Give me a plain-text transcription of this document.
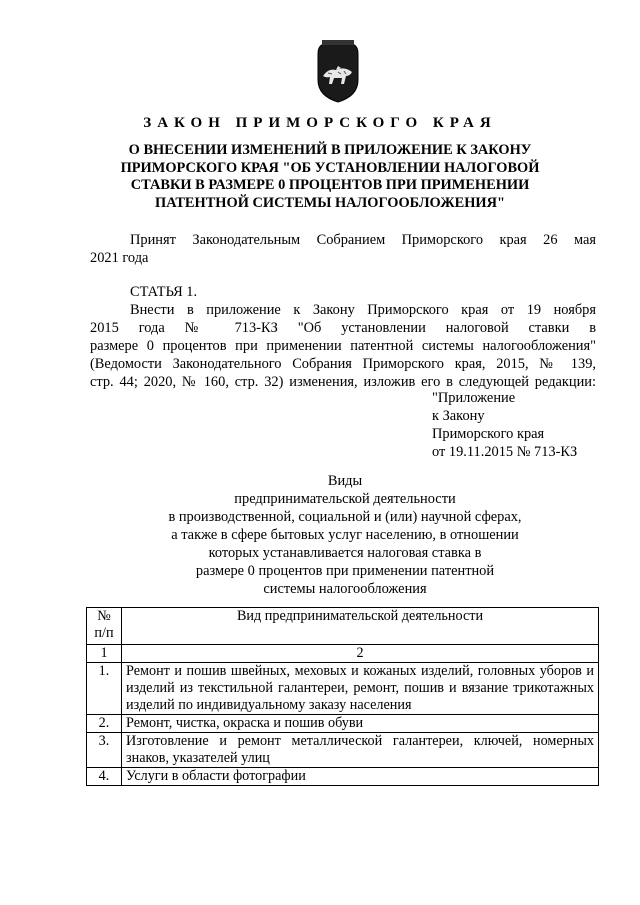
ЗАКОН ПРИМОРСКОГО КРАЯ
О ВНЕСЕНИИ ИЗМЕНЕНИЙ В ПРИЛОЖЕНИЕ К ЗАКОНУ
ПРИМОРСКОГО КРАЯ "ОБ УСТАНОВЛЕНИИ НАЛОГОВОЙ
СТАВКИ В РАЗМЕРЕ 0 ПРОЦЕНТОВ ПРИ ПРИМЕНЕНИИ
ПАТЕНТНОЙ СИСТЕМЫ НАЛОГООБЛОЖЕНИЯ"
Принят Законодательным Собранием Приморского края 26 мая
2021 года
СТАТЬЯ 1.
Внести в приложение к Закону Приморского края от 19 ноября
2015 года № 713-КЗ "Об установлении налоговой ставки в
размере 0 процентов при применении патентной системы налогообложения"
(Ведомости Законодательного Собрания Приморского края, 2015, № 139,
стр. 44; 2020, № 160, стр. 32) изменения, изложив его в следующей редакции:
"Приложение
к Закону
Приморского края
от 19.11.2015 № 713-КЗ
Виды
предпринимательской деятельности
в производственной, социальной и (или) научной сферах,
а также в сфере бытовых услуг населению, в отношении
которых устанавливается налоговая ставка в
размере 0 процентов при применении патентной
системы налогообложения
№
п/п	Вид предпринимательской деятельности
1	2
1.	Ремонт и пошив швейных, меховых и кожаных изделий, головных уборов и изделий из текстильной галантереи, ремонт, пошив и вязание трикотажных изделий по индивидуальному заказу населения
2.	Ремонт, чистка, окраска и пошив обуви
3.	Изготовление и ремонт металлической галантереи, ключей, номерных знаков, указателей улиц
4.	Услуги в области фотографии
